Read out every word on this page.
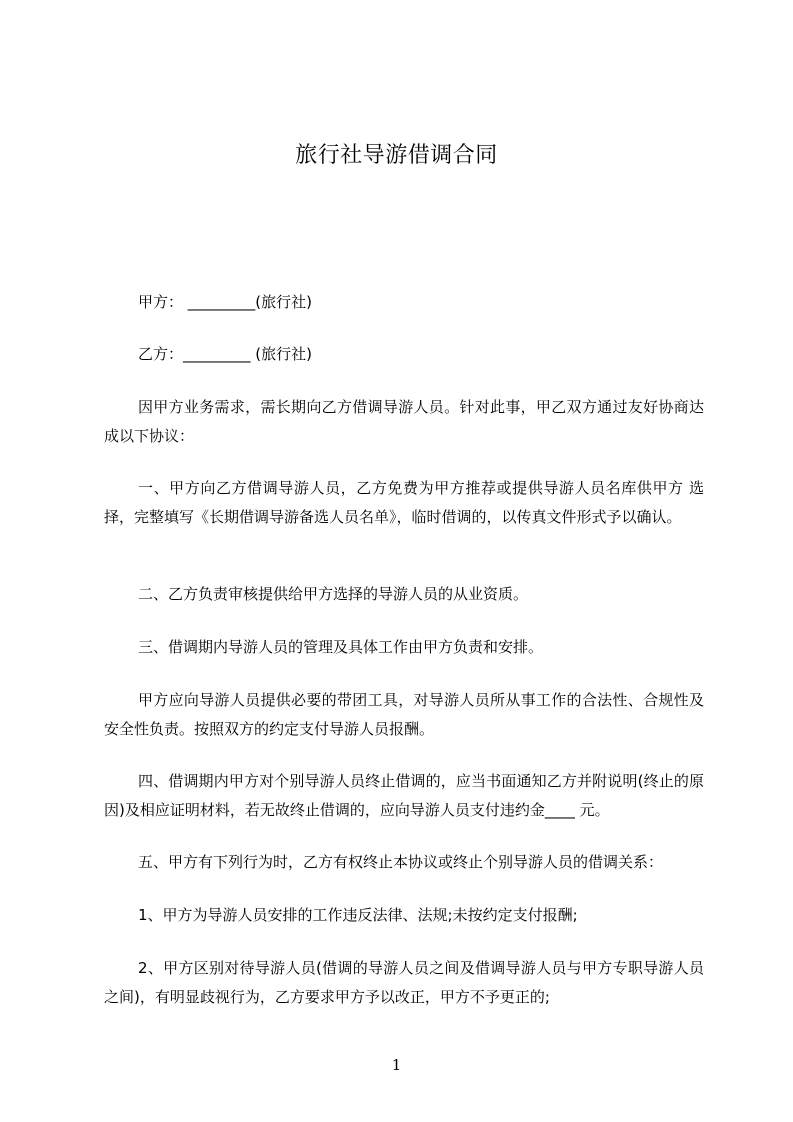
旅行社导游借调合同

甲方： _________(旅行社)

乙方：_________ (旅行社)

因甲方业务需求，需长期向乙方借调导游人员。针对此事，甲乙双方通过友好协商达成以下协议：

一、甲方向乙方借调导游人员，乙方免费为甲方推荐或提供导游人员名库供甲方 选择，完整填写《长期借调导游备选人员名单》，临时借调的，以传真文件形式予以确认。

二、乙方负责审核提供给甲方选择的导游人员的从业资质。

三、借调期内导游人员的管理及具体工作由甲方负责和安排。

甲方应向导游人员提供必要的带团工具，对导游人员所从事工作的合法性、合规性及安全性负责。按照双方的约定支付导游人员报酬。

四、借调期内甲方对个别导游人员终止借调的，应当书面通知乙方并附说明(终止的原因)及相应证明材料，若无故终止借调的，应向导游人员支付违约金____ 元。

五、甲方有下列行为时，乙方有权终止本协议或终止个别导游人员的借调关系：

1、甲方为导游人员安排的工作违反法律、法规;未按约定支付报酬;

2、甲方区别对待导游人员(借调的导游人员之间及借调导游人员与甲方专职导游人员之间)，有明显歧视行为，乙方要求甲方予以改正，甲方不予更正的;

1
